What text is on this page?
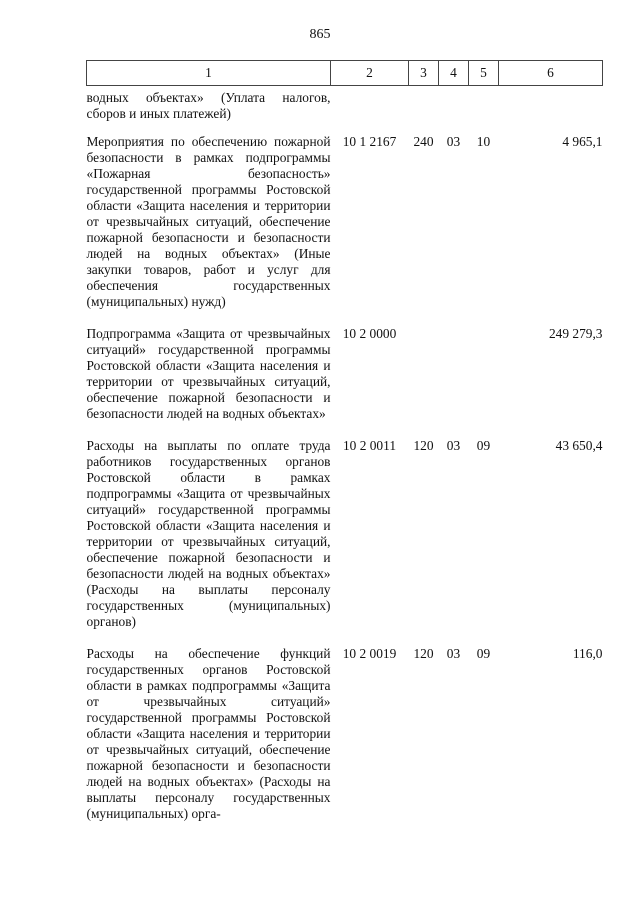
865
1	2	3	4	5	6
водных объектах» (Уплата налогов, сборов и иных платежей)					
Мероприятия по обеспечению пожарной безопасности в рамках подпрограммы «Пожарная безопасность» государственной программы Ростовской области «Защита населения и территории от чрезвычайных ситуаций, обеспечение пожарной безопасности и безопасности людей на водных объектах» (Иные закупки товаров, работ и услуг для обеспечения государственных (муниципальных) нужд)	10 1 2167	240	03	10	4 965,1
Подпрограмма «Защита от чрезвычайных ситуаций» государственной программы Ростовской области «Защита населения и территории от чрезвычайных ситуаций, обеспечение пожарной безопасности и безопасности людей на водных объектах»	10 2 0000				249 279,3
Расходы на выплаты по оплате труда работников государственных органов Ростовской области в рамках подпрограммы «Защита от чрезвычайных ситуаций» государственной программы Ростовской области «Защита населения и территории от чрезвычайных ситуаций, обеспечение пожарной безопасности и безопасности людей на водных объектах» (Расходы на выплаты персоналу государственных (муниципальных) органов)	10 2 0011	120	03	09	43 650,4
Расходы на обеспечение функций государственных органов Ростовской области в рамках подпрограммы «Защита от чрезвычайных ситуаций» государственной программы Ростовской области «Защита населения и территории от чрезвычайных ситуаций, обеспечение пожарной безопасности и безопасности людей на водных объектах» (Расходы на выплаты персоналу государственных (муниципальных) орга-	10 2 0019	120	03	09	116,0
